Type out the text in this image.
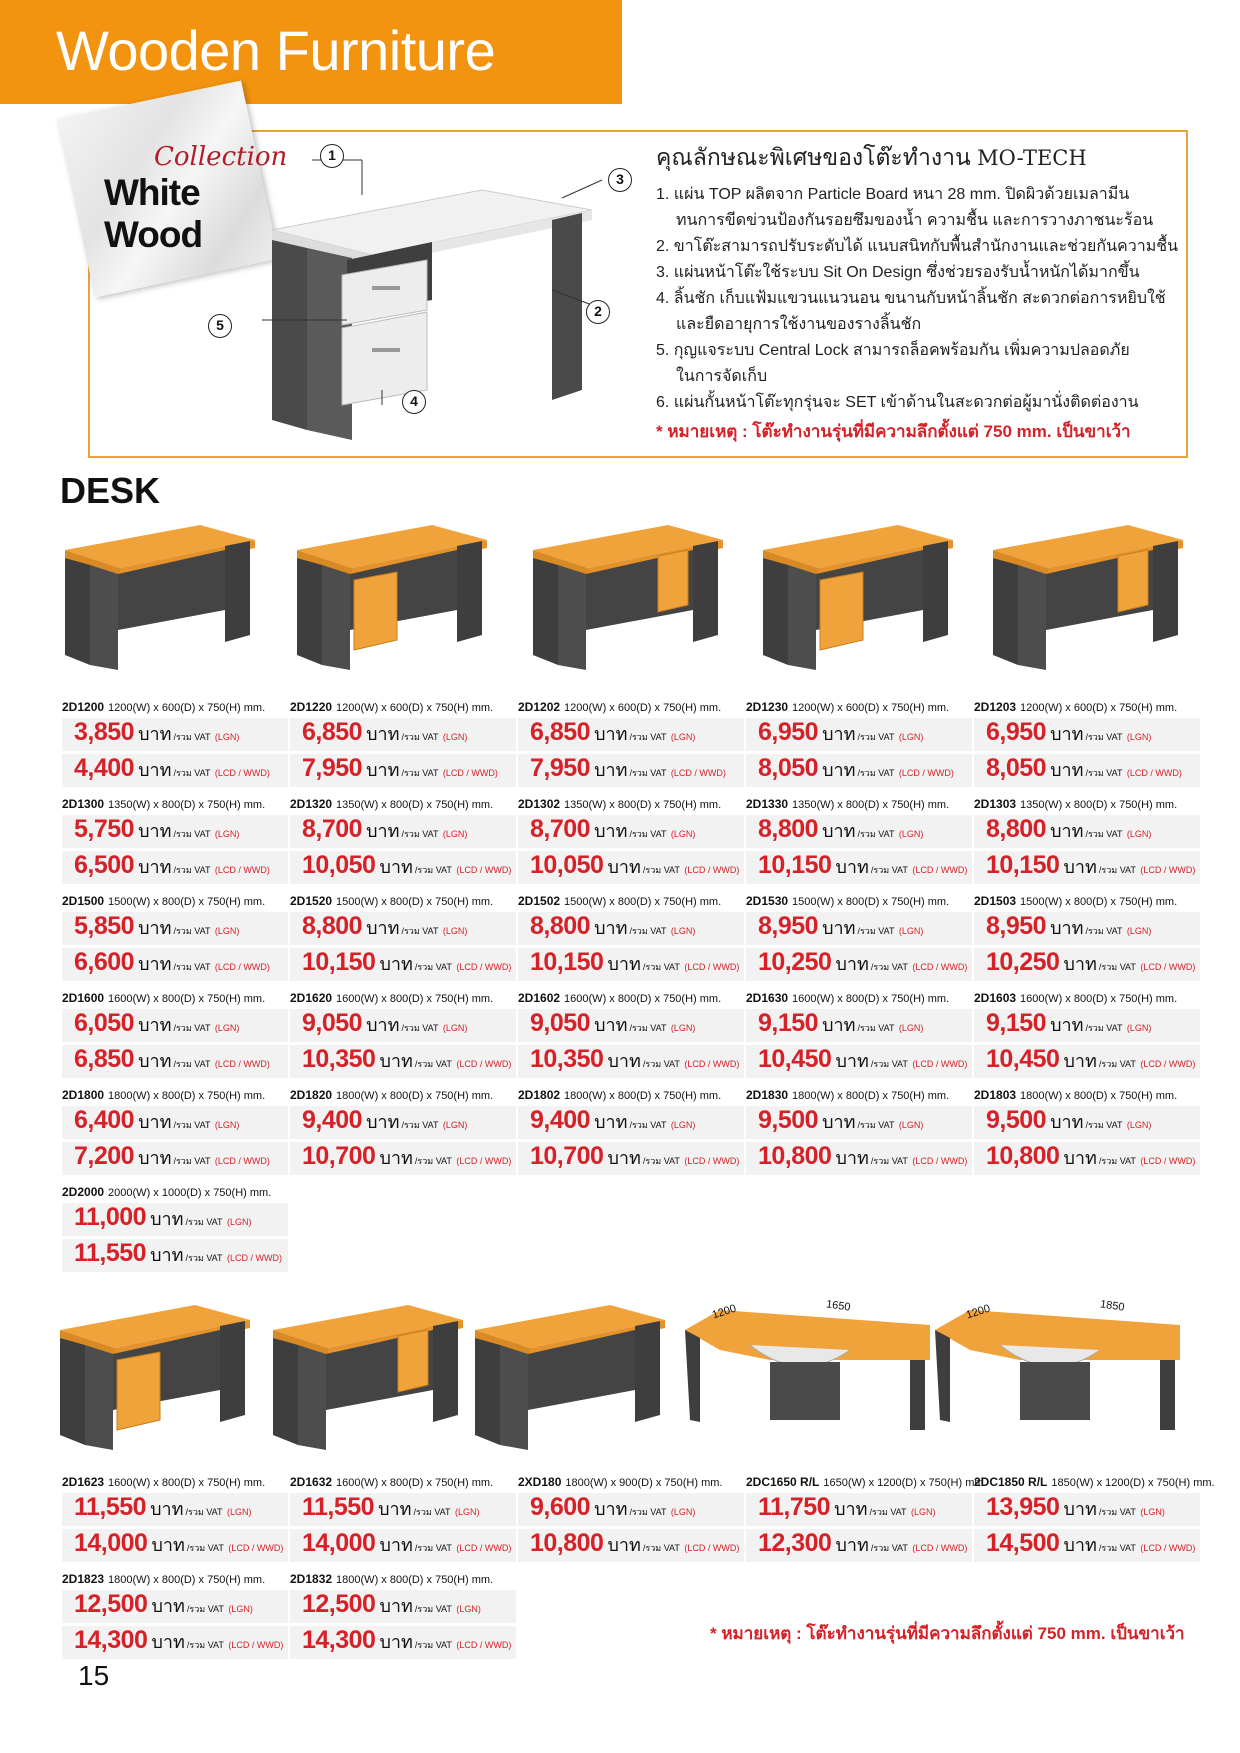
Wooden Furniture
Collection
White Wood
1
2
3
4
5
คุณลักษณะพิเศษของโต๊ะทำงาน MO-TECH
1. แผ่น TOP ผลิตจาก Particle Board หนา 28 mm. ปิดผิวด้วยเมลามีน
ทนการขีดข่วนป้องกันรอยซึมของน้ำ ความชื้น และการวางภาชนะร้อน
2. ขาโต๊ะสามารถปรับระดับได้ แนบสนิทกับพื้นสำนักงานและช่วยกันความชื้น
3. แผ่นหน้าโต๊ะใช้ระบบ Sit On Design ซึ่งช่วยรองรับน้ำหนักได้มากขึ้น
4. ลิ้นชัก เก็บแฟ้มแขวนแนวนอน ขนานกับหน้าลิ้นชัก สะดวกต่อการหยิบใช้
และยืดอายุการใช้งานของรางลิ้นชัก
5. กุญแจระบบ Central Lock สามารถล็อคพร้อมกัน เพิ่มความปลอดภัย
ในการจัดเก็บ
6. แผ่นกั้นหน้าโต๊ะทุกรุ่นจะ SET เข้าด้านในสะดวกต่อผู้มานั่งติดต่องาน
* หมายเหตุ : โต๊ะทำงานรุ่นที่มีความลึกตั้งแต่ 750 mm. เป็นขาเว้า
DESK
2D1200 1200(W) x 600(D) x 750(H) mm.
3,850 บาท /รวม VAT (LGN)
4,400 บาท /รวม VAT (LCD / WWD)
2D1220 1200(W) x 600(D) x 750(H) mm.
6,850 บาท /รวม VAT (LGN)
7,950 บาท /รวม VAT (LCD / WWD)
2D1202 1200(W) x 600(D) x 750(H) mm.
6,850 บาท /รวม VAT (LGN)
7,950 บาท /รวม VAT (LCD / WWD)
2D1230 1200(W) x 600(D) x 750(H) mm.
6,950 บาท /รวม VAT (LGN)
8,050 บาท /รวม VAT (LCD / WWD)
2D1203 1200(W) x 600(D) x 750(H) mm.
6,950 บาท /รวม VAT (LGN)
8,050 บาท /รวม VAT (LCD / WWD)
2D1300 1350(W) x 800(D) x 750(H) mm.
5,750 บาท /รวม VAT (LGN)
6,500 บาท /รวม VAT (LCD / WWD)
2D1320 1350(W) x 800(D) x 750(H) mm.
8,700 บาท /รวม VAT (LGN)
10,050 บาท /รวม VAT (LCD / WWD)
2D1302 1350(W) x 800(D) x 750(H) mm.
8,700 บาท /รวม VAT (LGN)
10,050 บาท /รวม VAT (LCD / WWD)
2D1330 1350(W) x 800(D) x 750(H) mm.
8,800 บาท /รวม VAT (LGN)
10,150 บาท /รวม VAT (LCD / WWD)
2D1303 1350(W) x 800(D) x 750(H) mm.
8,800 บาท /รวม VAT (LGN)
10,150 บาท /รวม VAT (LCD / WWD)
2D1500 1500(W) x 800(D) x 750(H) mm.
5,850 บาท /รวม VAT (LGN)
6,600 บาท /รวม VAT (LCD / WWD)
2D1520 1500(W) x 800(D) x 750(H) mm.
8,800 บาท /รวม VAT (LGN)
10,150 บาท /รวม VAT (LCD / WWD)
2D1502 1500(W) x 800(D) x 750(H) mm.
8,800 บาท /รวม VAT (LGN)
10,150 บาท /รวม VAT (LCD / WWD)
2D1530 1500(W) x 800(D) x 750(H) mm.
8,950 บาท /รวม VAT (LGN)
10,250 บาท /รวม VAT (LCD / WWD)
2D1503 1500(W) x 800(D) x 750(H) mm.
8,950 บาท /รวม VAT (LGN)
10,250 บาท /รวม VAT (LCD / WWD)
2D1600 1600(W) x 800(D) x 750(H) mm.
6,050 บาท /รวม VAT (LGN)
6,850 บาท /รวม VAT (LCD / WWD)
2D1620 1600(W) x 800(D) x 750(H) mm.
9,050 บาท /รวม VAT (LGN)
10,350 บาท /รวม VAT (LCD / WWD)
2D1602 1600(W) x 800(D) x 750(H) mm.
9,050 บาท /รวม VAT (LGN)
10,350 บาท /รวม VAT (LCD / WWD)
2D1630 1600(W) x 800(D) x 750(H) mm.
9,150 บาท /รวม VAT (LGN)
10,450 บาท /รวม VAT (LCD / WWD)
2D1603 1600(W) x 800(D) x 750(H) mm.
9,150 บาท /รวม VAT (LGN)
10,450 บาท /รวม VAT (LCD / WWD)
2D1800 1800(W) x 800(D) x 750(H) mm.
6,400 บาท /รวม VAT (LGN)
7,200 บาท /รวม VAT (LCD / WWD)
2D1820 1800(W) x 800(D) x 750(H) mm.
9,400 บาท /รวม VAT (LGN)
10,700 บาท /รวม VAT (LCD / WWD)
2D1802 1800(W) x 800(D) x 750(H) mm.
9,400 บาท /รวม VAT (LGN)
10,700 บาท /รวม VAT (LCD / WWD)
2D1830 1800(W) x 800(D) x 750(H) mm.
9,500 บาท /รวม VAT (LGN)
10,800 บาท /รวม VAT (LCD / WWD)
2D1803 1800(W) x 800(D) x 750(H) mm.
9,500 บาท /รวม VAT (LGN)
10,800 บาท /รวม VAT (LCD / WWD)
2D2000 2000(W) x 1000(D) x 750(H) mm.
11,000 บาท /รวม VAT (LGN)
11,550 บาท /รวม VAT (LCD / WWD)
2D1623 1600(W) x 800(D) x 750(H) mm.
11,550 บาท /รวม VAT (LGN)
14,000 บาท /รวม VAT (LCD / WWD)
2D1632 1600(W) x 800(D) x 750(H) mm.
11,550 บาท /รวม VAT (LGN)
14,000 บาท /รวม VAT (LCD / WWD)
2XD180 1800(W) x 900(D) x 750(H) mm.
9,600 บาท /รวม VAT (LGN)
10,800 บาท /รวม VAT (LCD / WWD)
2DC1650 R/L 1650(W) x 1200(D) x 750(H) mm.
11,750 บาท /รวม VAT (LGN)
12,300 บาท /รวม VAT (LCD / WWD)
2DC1850 R/L 1850(W) x 1200(D) x 750(H) mm.
13,950 บาท /รวม VAT (LGN)
14,500 บาท /รวม VAT (LCD / WWD)
2D1823 1800(W) x 800(D) x 750(H) mm.
12,500 บาท /รวม VAT (LGN)
14,300 บาท /รวม VAT (LCD / WWD)
2D1832 1800(W) x 800(D) x 750(H) mm.
12,500 บาท /รวม VAT (LGN)
14,300 บาท /รวม VAT (LCD / WWD)
1200	1650	1200	1850
* หมายเหตุ : โต๊ะทำงานรุ่นที่มีความลึกตั้งแต่ 750 mm. เป็นขาเว้า
15
